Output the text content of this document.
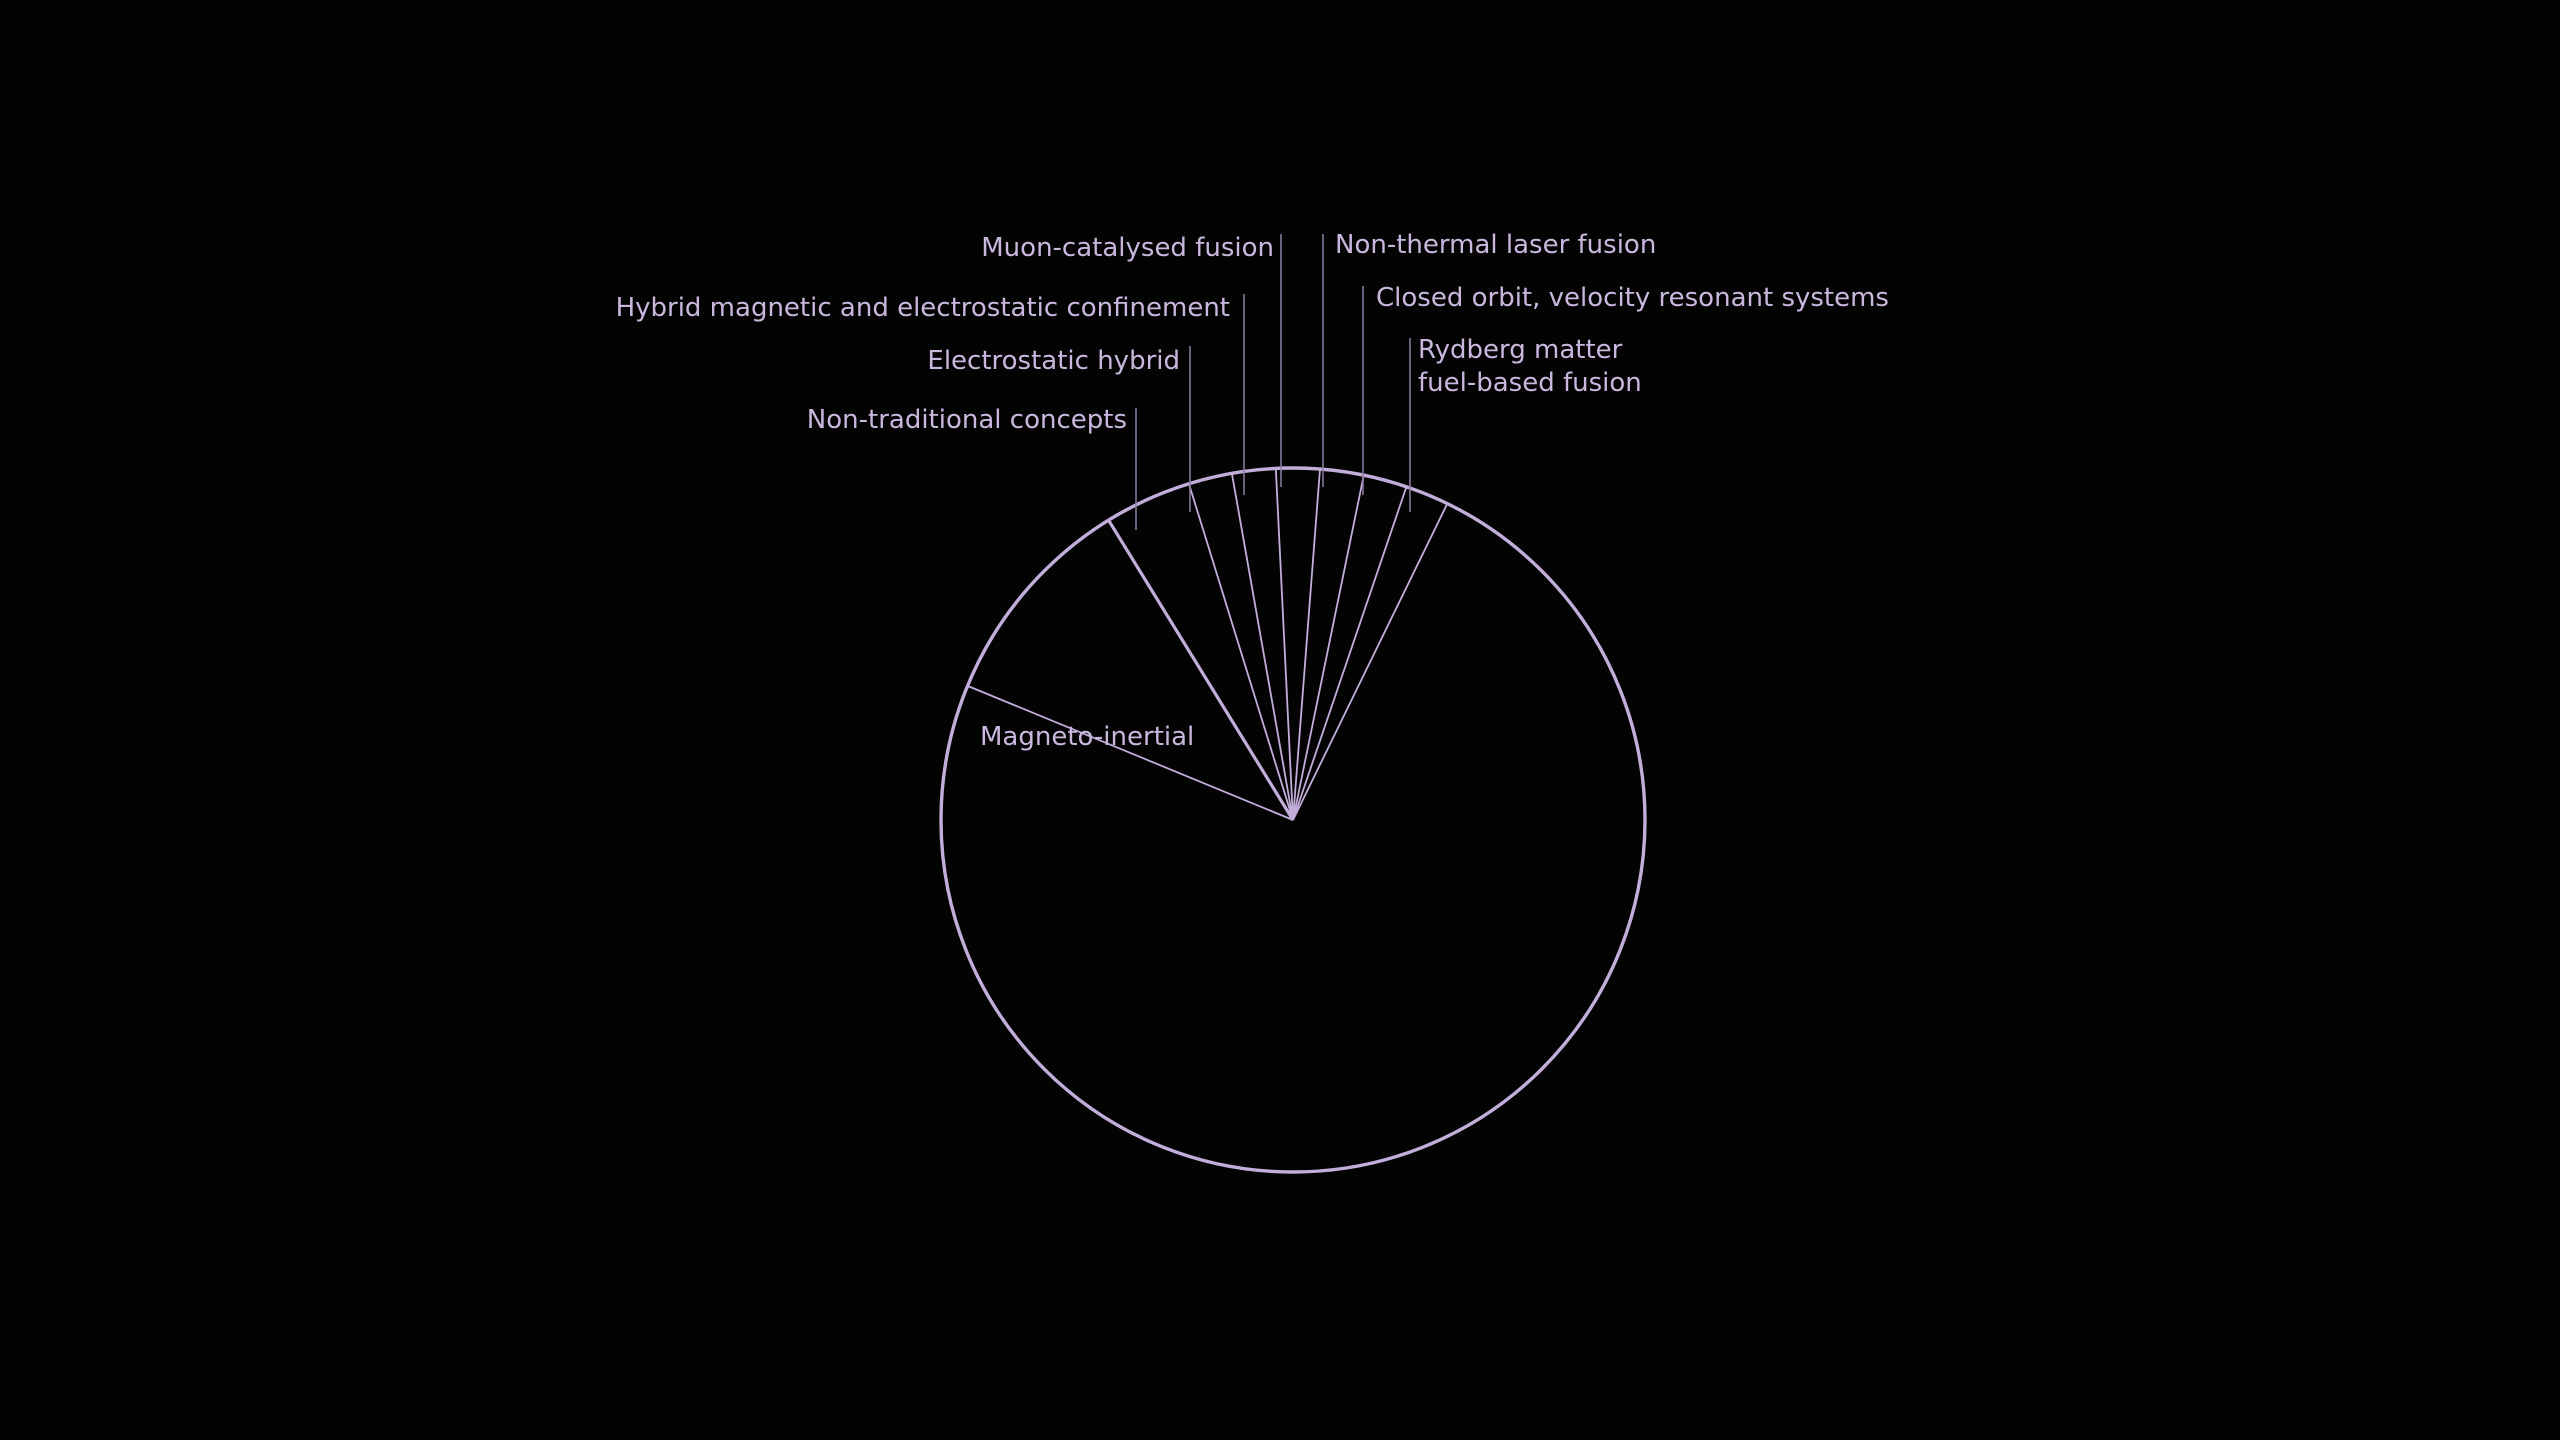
Rydberg matter fuel-based fusion
Closed orbit, velocity resonant systems
Non-thermal laser fusion
Muon-catalysed fusion
Hybrid magnetic and electrostatic confinement
Electrostatic hybrid
Non-traditional concepts
Magneto-inertial
